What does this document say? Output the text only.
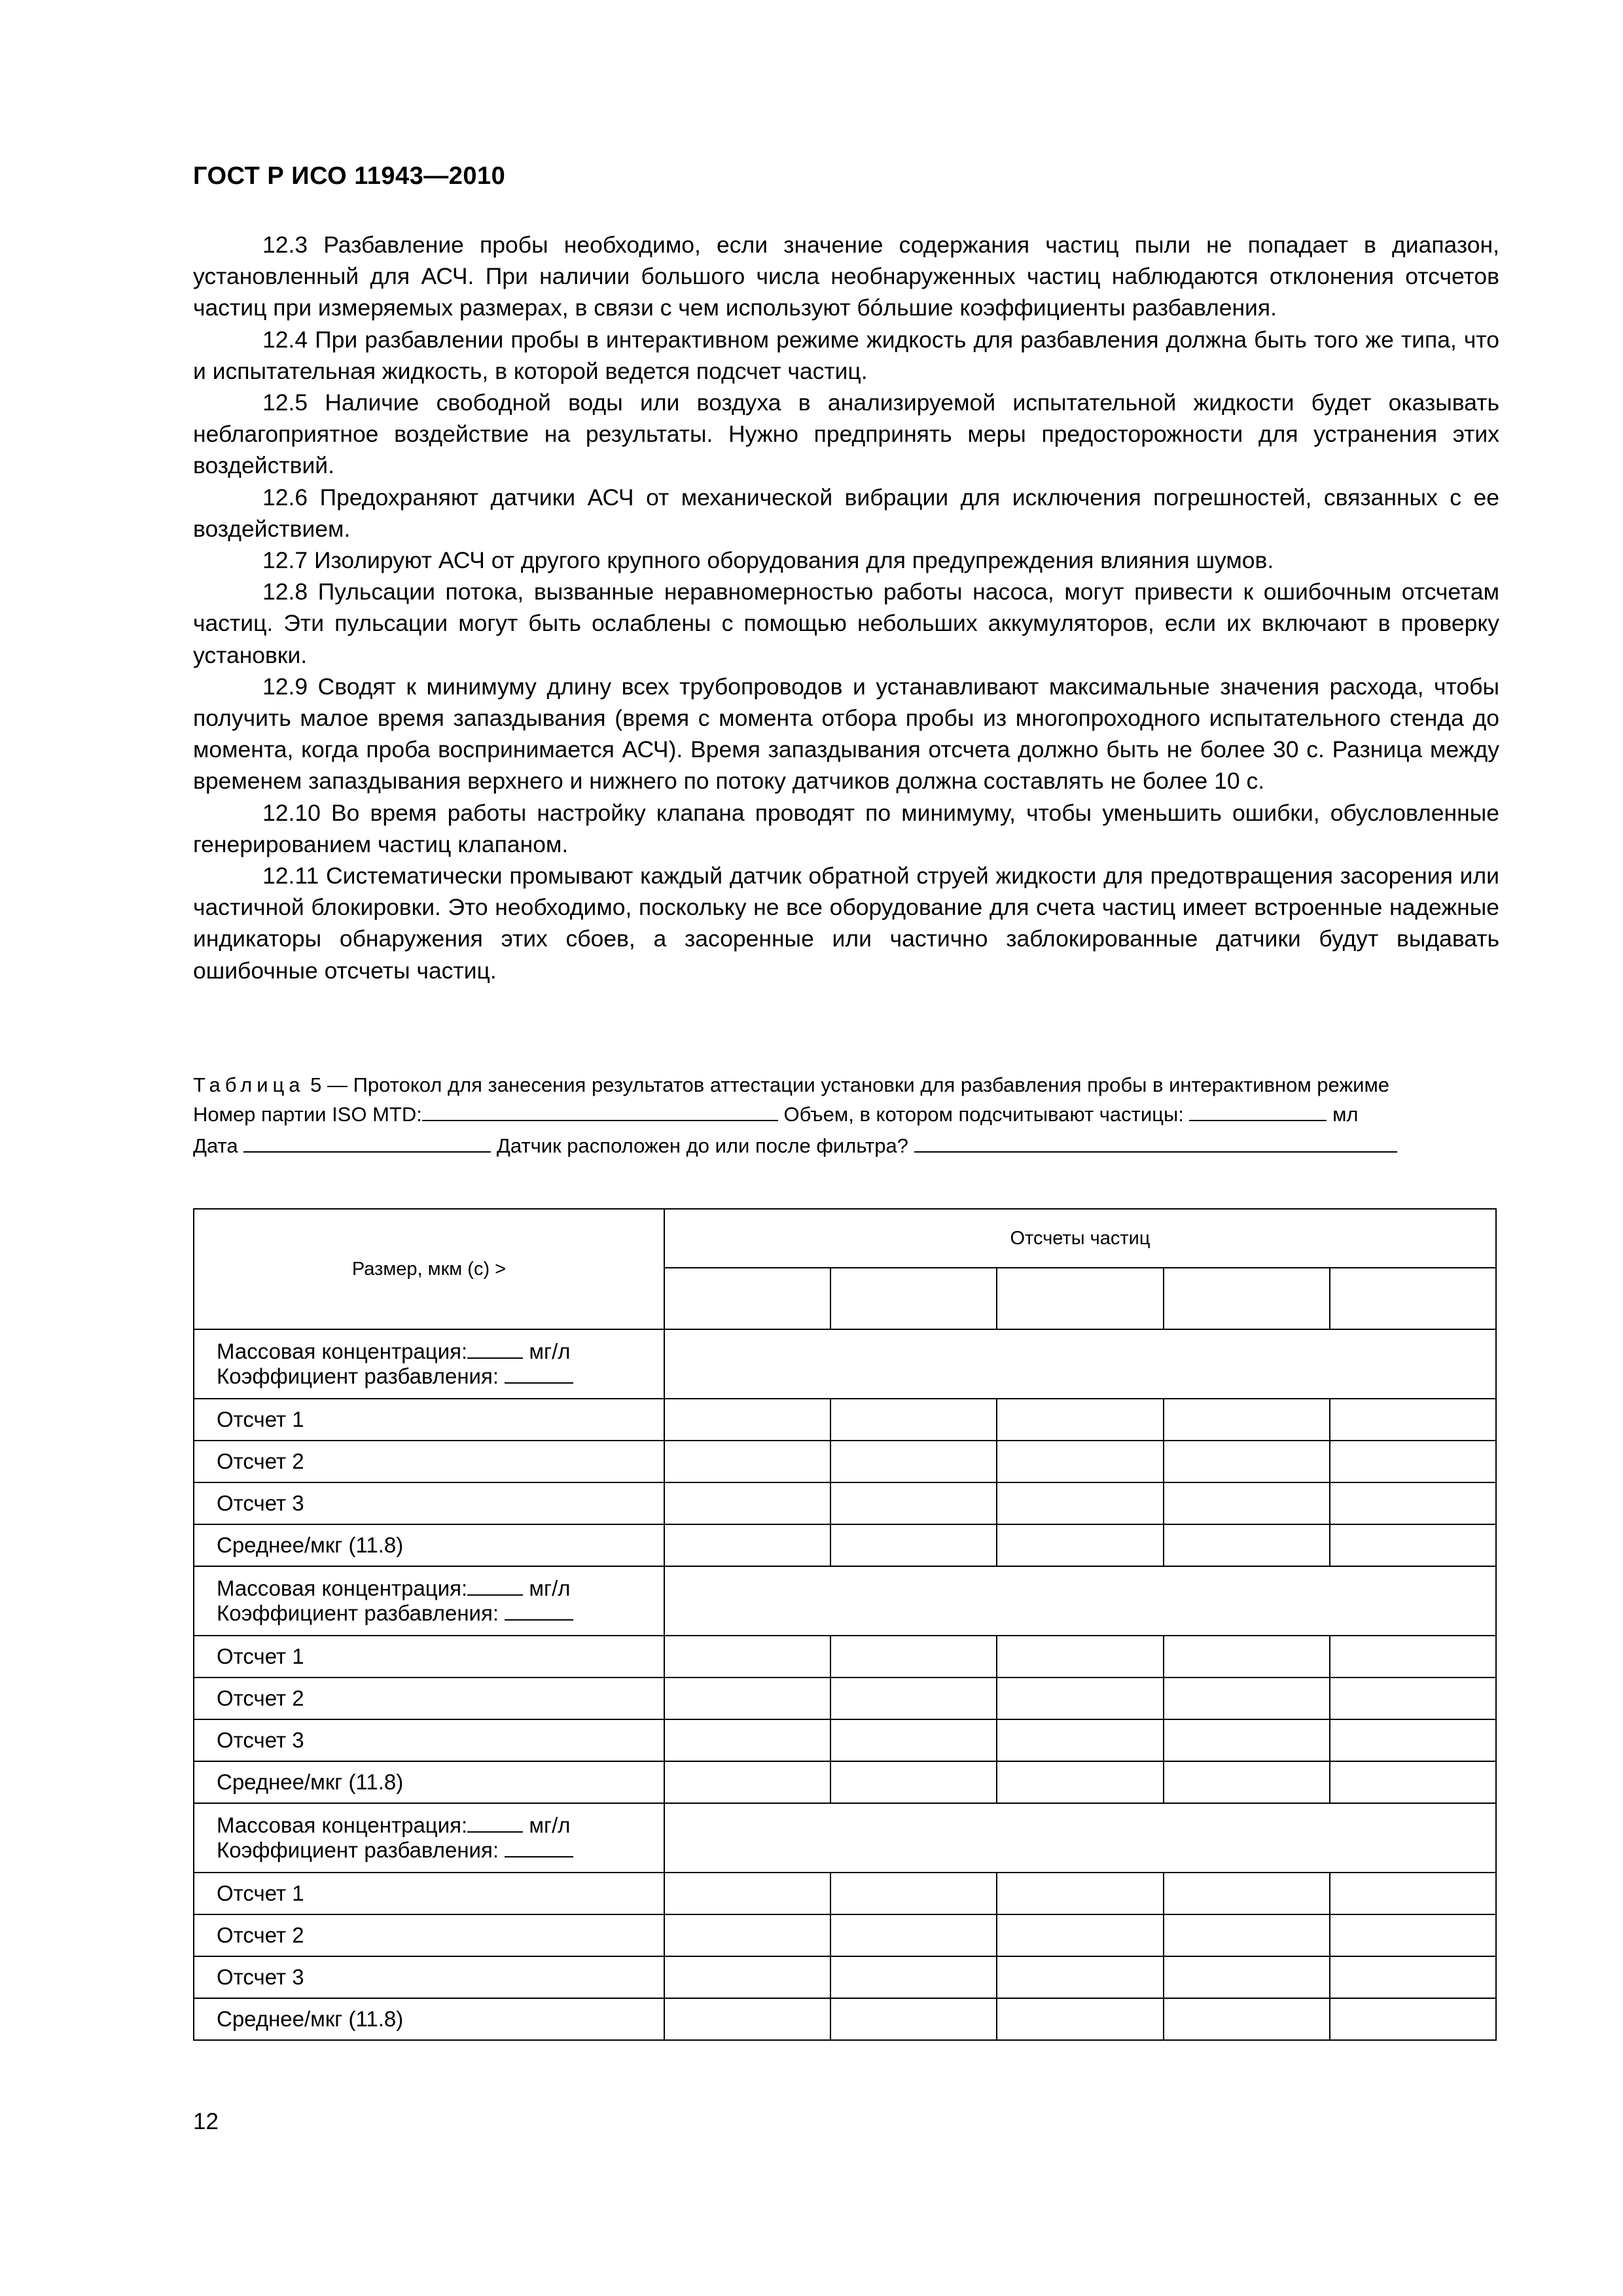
ГОСТ Р ИСО 11943—2010

12.3 Разбавление пробы необходимо, если значение содержания частиц пыли не попадает в диапазон, установленный для АСЧ. При наличии большого числа необнаруженных частиц наблюдаются отклонения отсчетов частиц при измеряемых размерах, в связи с чем используют бóльшие коэффициенты разбавления.

12.4 При разбавлении пробы в интерактивном режиме жидкость для разбавления должна быть того же типа, что и испытательная жидкость, в которой ведется подсчет частиц.

12.5 Наличие свободной воды или воздуха в анализируемой испытательной жидкости будет оказывать неблагоприятное воздействие на результаты. Нужно предпринять меры предосторожности для устранения этих воздействий.

12.6 Предохраняют датчики АСЧ от механической вибрации для исключения погрешностей, связанных с ее воздействием.

12.7 Изолируют АСЧ от другого крупного оборудования для предупреждения влияния шумов.

12.8 Пульсации потока, вызванные неравномерностью работы насоса, могут привести к ошибочным отсчетам частиц. Эти пульсации могут быть ослаблены с помощью небольших аккумуляторов, если их включают в проверку установки.

12.9 Сводят к минимуму длину всех трубопроводов и устанавливают максимальные значения расхода, чтобы получить малое время запаздывания (время с момента отбора пробы из многопроходного испытательного стенда до момента, когда проба воспринимается АСЧ). Время запаздывания отсчета должно быть не более 30 с. Разница между временем запаздывания верхнего и нижнего по потоку датчиков должна составлять не более 10 с.

12.10 Во время работы настройку клапана проводят по минимуму, чтобы уменьшить ошибки, обусловленные генерированием частиц клапаном.

12.11 Систематически промывают каждый датчик обратной струей жидкости для предотвращения засорения или частичной блокировки. Это необходимо, поскольку не все оборудование для счета частиц имеет встроенные надежные индикаторы обнаружения этих сбоев, а засоренные или частично заблокированные датчики будут выдавать ошибочные отсчеты частиц.

Таблица 5 — Протокол для занесения результатов аттестации установки для разбавления пробы в интерактивном режиме

Номер партии ISO MTD:	Объем, в котором подсчитывают частицы:	мл
Дата	Датчик расположен до или после фильтра?
Размер, мкм (c) >	Отсчеты частиц				

Массовая концентрация: мг/л
Коэффициент разбавления:					

Отсчет 1					
Отсчет 2					
Отсчет 3					
Среднее/мкг (11.8)					

Массовая концентрация: мг/л
Коэффициент разбавления:					

Отсчет 1					
Отсчет 2					
Отсчет 3					
Среднее/мкг (11.8)					

Массовая концентрация: мг/л
Коэффициент разбавления:					

Отсчет 1					
Отсчет 2					
Отсчет 3					
Среднее/мкг (11.8)					
12
